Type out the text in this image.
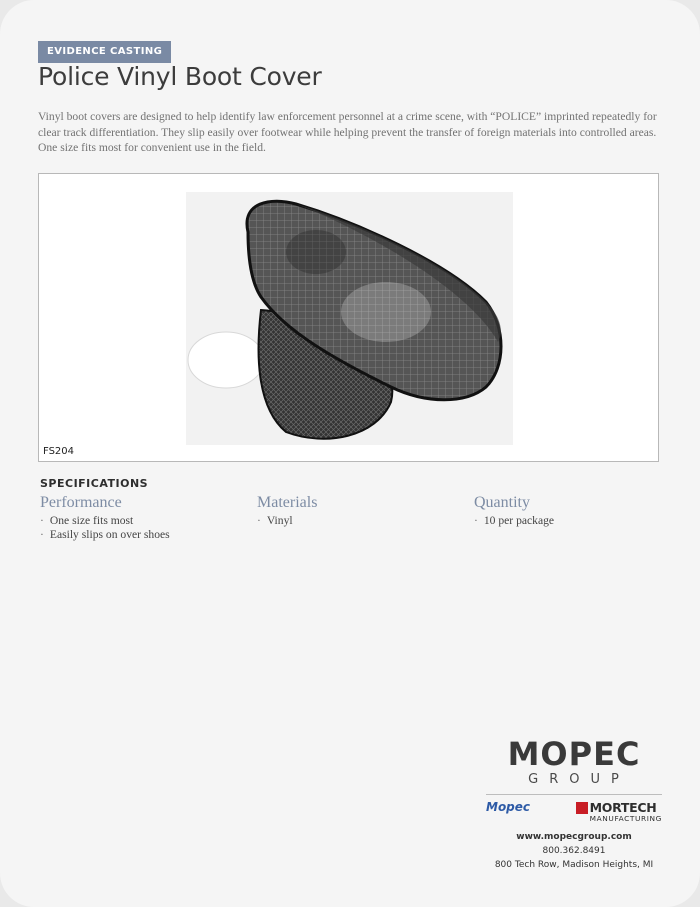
EVIDENCE CASTING
Police Vinyl Boot Cover
Vinyl boot covers are designed to help identify law enforcement personnel at a crime scene, with “POLICE” imprinted repeatedly for clear track differentiation. They slip easily over footwear while helping prevent the transfer of foreign materials into controlled areas. One size fits most for convenient use in the field.
FS204
SPECIFICATIONS
Performance
· One size fits most
· Easily slips on over shoes
Materials
· Vinyl
Quantity
· 10 per package
MOPEC
GROUP
Mopec
	MORTECH
MANUFACTURING
www.mopecgroup.com
800.362.8491
800 Tech Row, Madison Heights, MI
